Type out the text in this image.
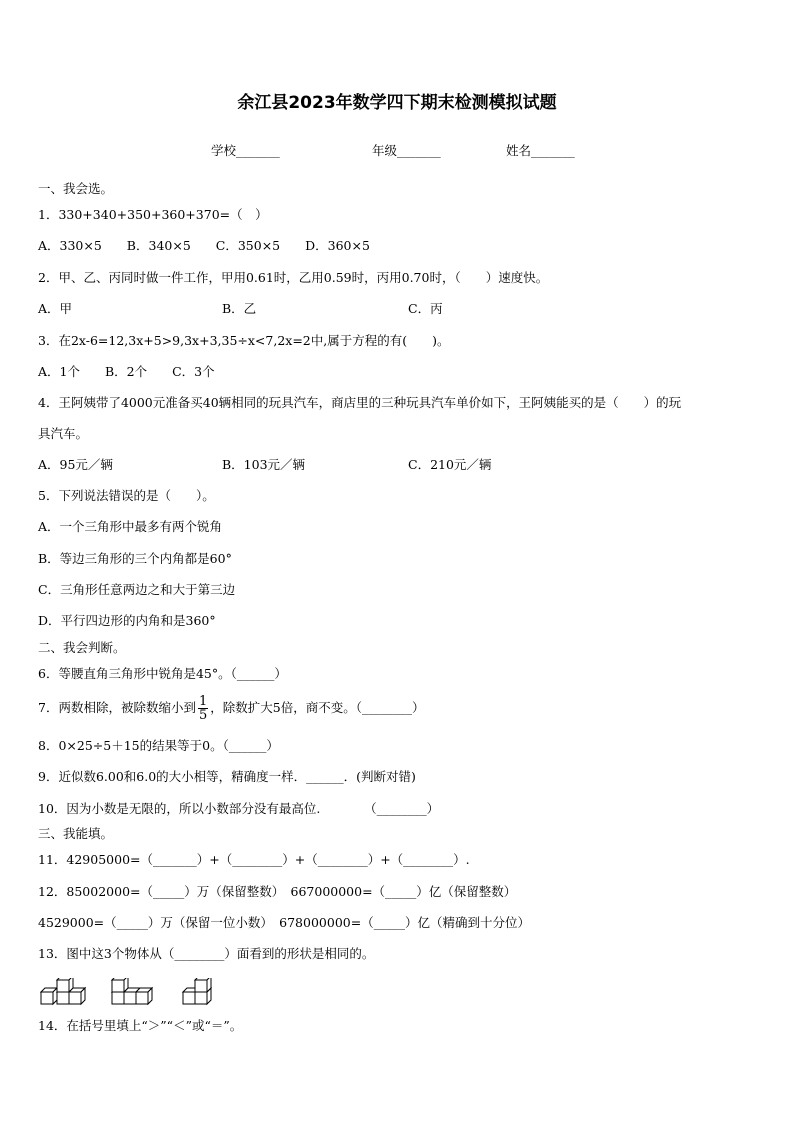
余江县2023年数学四下期末检测模拟试题
学校_______	年级_______	姓名_______
一、我会选。
1．330+340+350+360+370=（　）
A．330×5　　B．340×5　　C．350×5　　D．360×5
2．甲、乙、丙同时做一件工作，甲用0.61时，乙用0.59时，丙用0.70时，（　　）速度快。
A．甲	B．乙	C．丙
3．在2x-6=12,3x+5>9,3x+3,35÷x<7,2x=2中,属于方程的有(　　)。
A．1个　　B．2个　　C．3个
4．王阿姨带了4000元准备买40辆相同的玩具汽车，商店里的三种玩具汽车单价如下，王阿姨能买的是（　　）的玩
具汽车。
A．95元／辆	B．103元／辆	C．210元／辆
5．下列说法错误的是（　　）。
A．一个三角形中最多有两个锐角
B．等边三角形的三个内角都是60°
C．三角形任意两边之和大于第三边
D．平行四边形的内角和是360°
二、我会判断。
6．等腰直角三角形中锐角是45°。（______）
7．两数相除，被除数缩小到 $\frac{1}{5}$ ，除数扩大5倍，商不变。（________）
8．0×25÷5＋15的结果等于0。（______）
9．近似数6.00和6.0的大小相等，精确度一样．______．(判断对错)
10．因为小数是无限的，所以小数部分没有最高位.　　　　（________）
三、我能填。
11．42905000=（_______）+（________）+（________）+（________）.
12．85002000=（_____）万（保留整数）　667000000=（_____）亿（保留整数）
4529000=（_____）万（保留一位小数）　678000000=（_____）亿（精确到十分位）
13．图中这3个物体从（________）面看到的形状是相同的。

14．在括号里填上“＞”“＜”或“＝”。
